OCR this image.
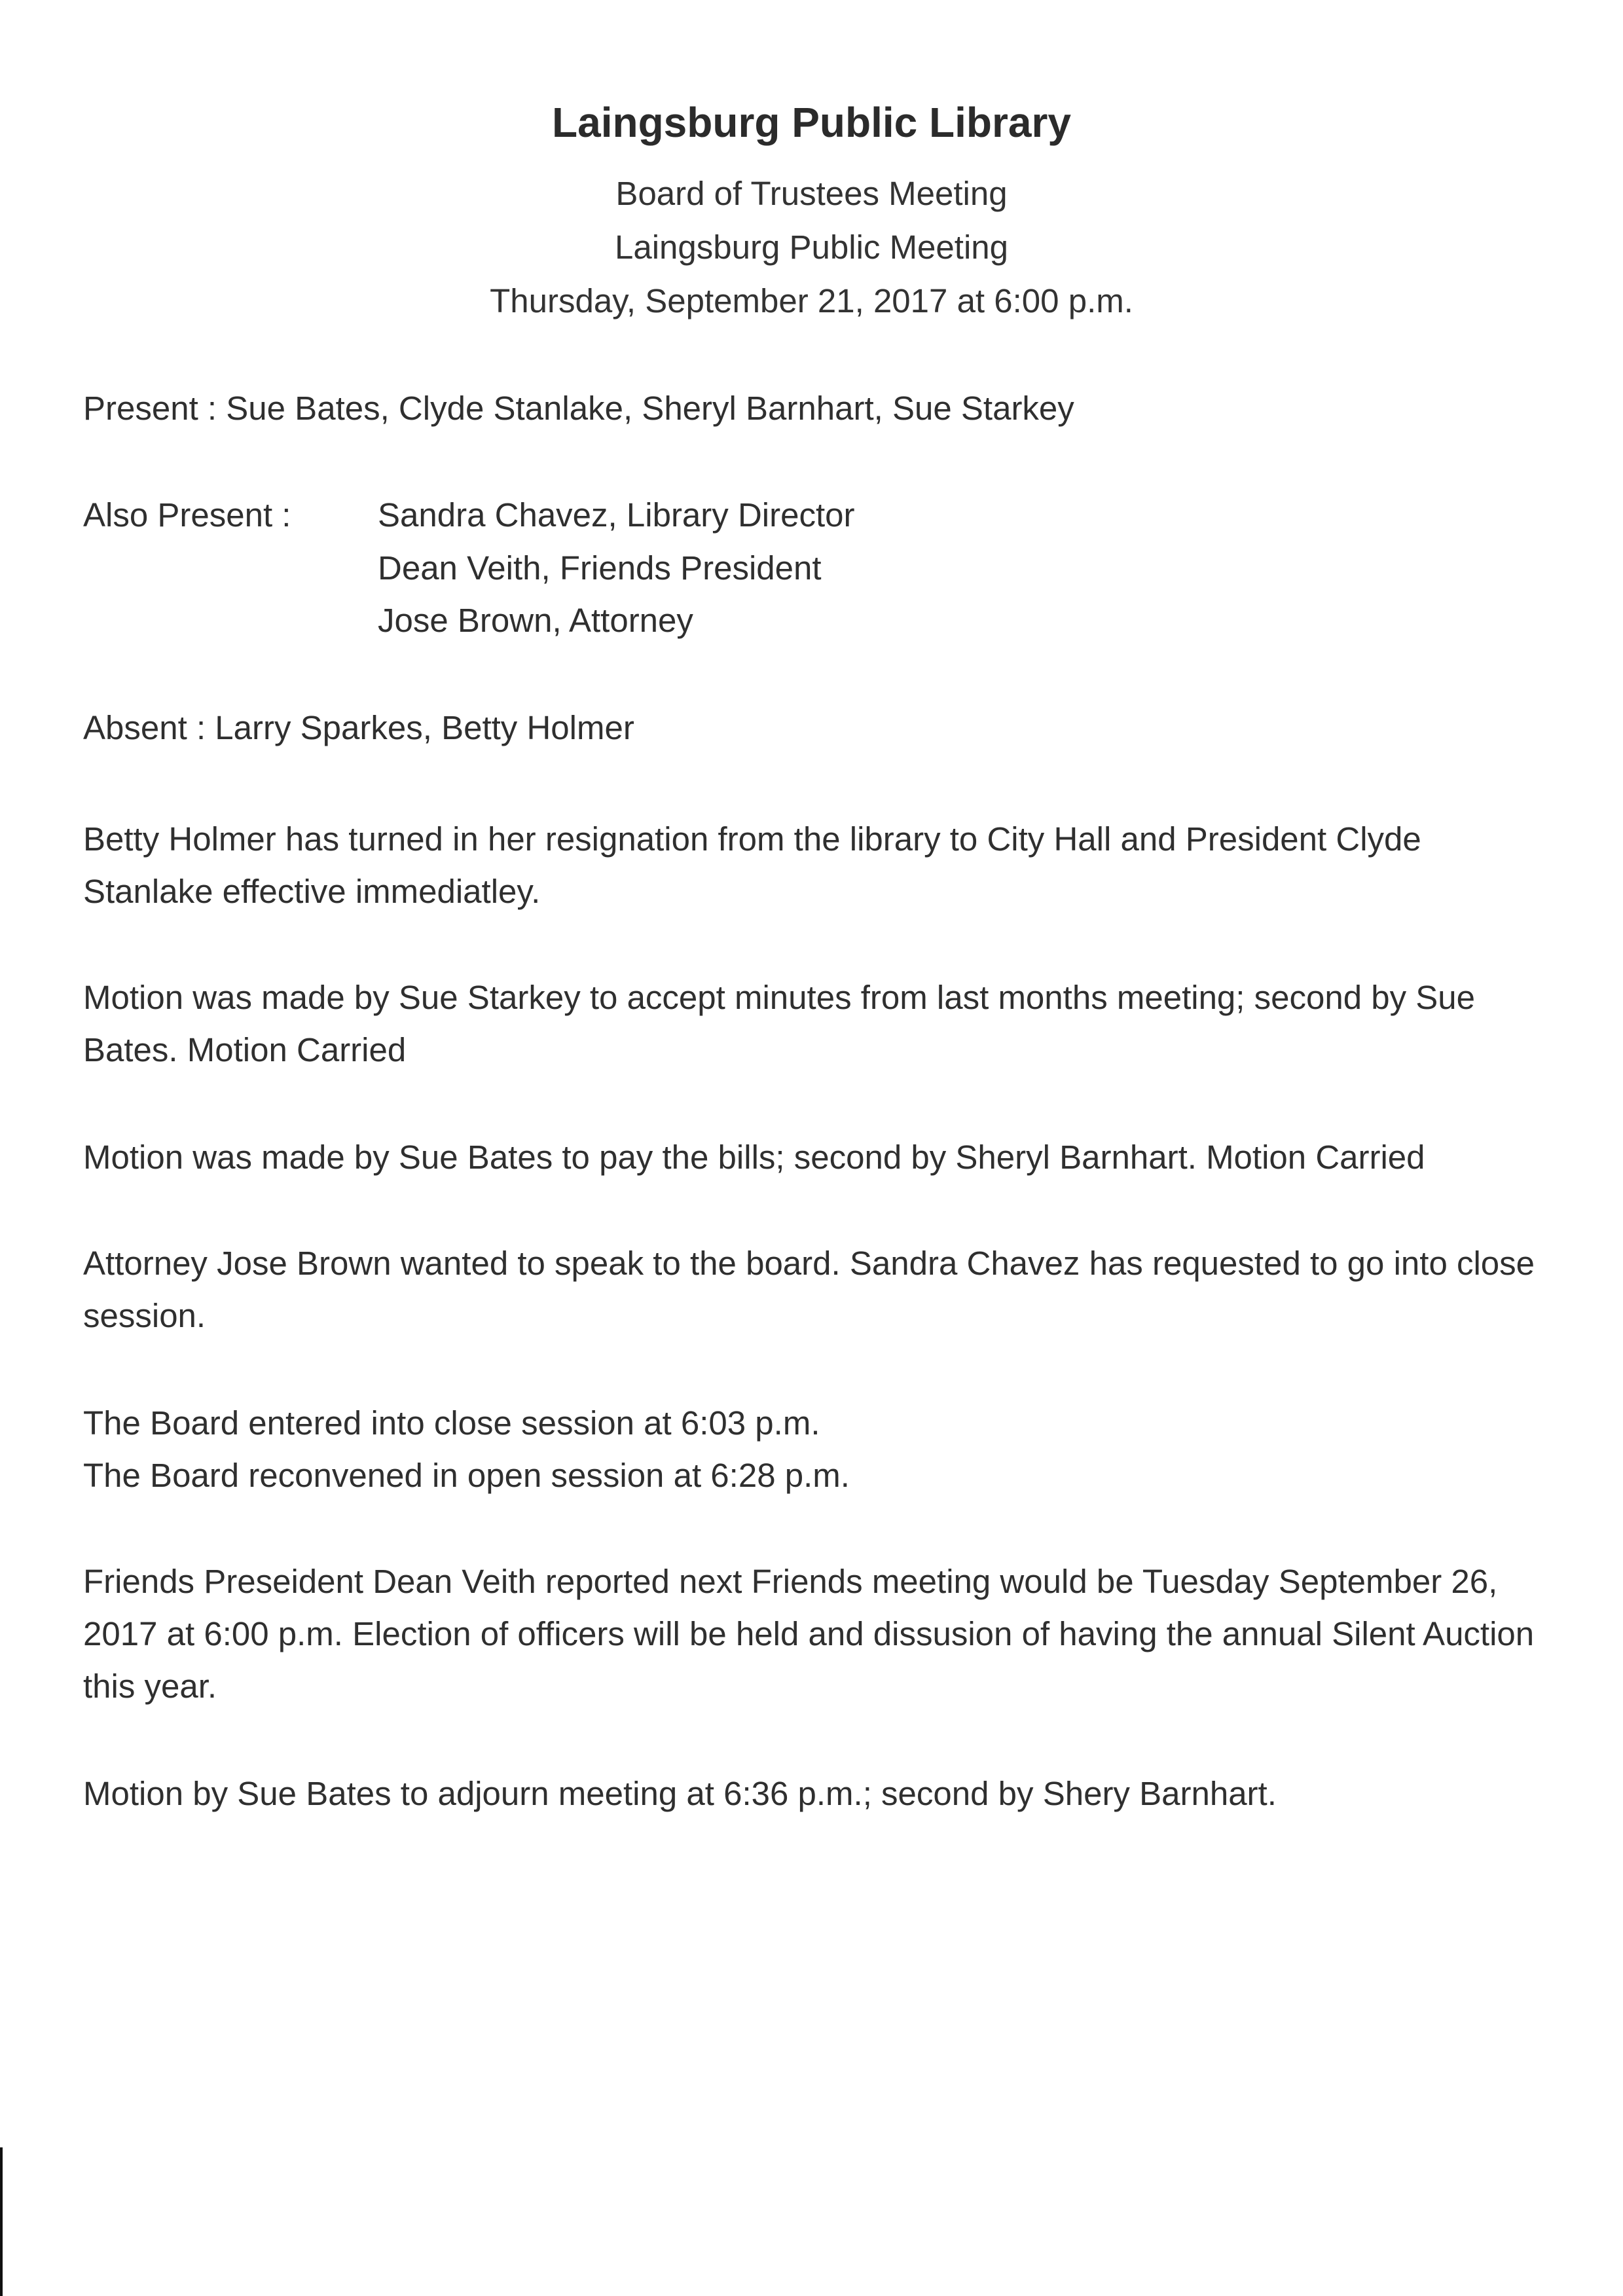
Laingsburg Public Library
Board of Trustees Meeting
Laingsburg Public Meeting
Thursday, September 21, 2017 at 6:00 p.m.
Present : Sue Bates, Clyde Stanlake, Sheryl Barnhart, Sue Starkey
Also Present :	Sandra Chavez, Library Director
Dean Veith, Friends President
Jose Brown, Attorney
Absent : Larry Sparkes, Betty Holmer
Betty Holmer has turned in her resignation from the library to City Hall and President Clyde Stanlake effective immediatley.
Motion was made by Sue Starkey to accept minutes from last months meeting; second by Sue Bates. Motion Carried
Motion was made by Sue Bates to pay the bills; second by Sheryl Barnhart. Motion Carried
Attorney Jose Brown wanted to speak to the board. Sandra Chavez has requested to go into close session.
The Board entered into close session at 6:03 p.m.
The Board reconvened in open session at 6:28 p.m.
Friends Preseident Dean Veith reported next Friends meeting would be Tuesday September 26, 2017 at 6:00 p.m. Election of officers will be held and dissusion of having the annual Silent Auction this year.
Motion by Sue Bates to adjourn meeting at 6:36 p.m.; second by Shery Barnhart.
